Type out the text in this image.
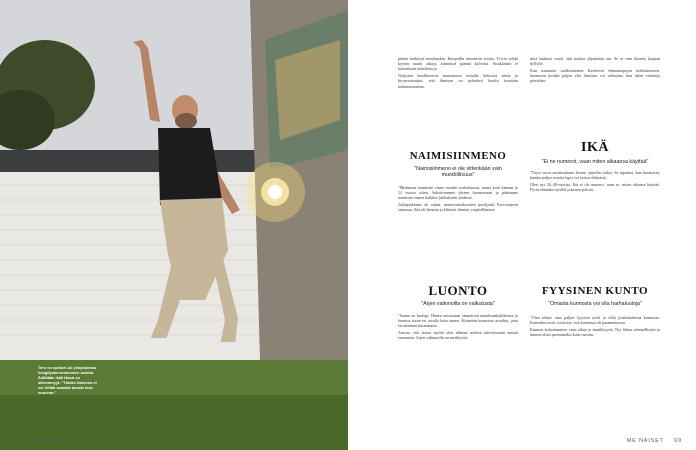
Tero on opiskel-lut yliopistossa hengityskeruutoimeen asioita. Äidiltään ikää tässä on sikiemmyyt: "Tämän ikäisena ei voi riittää samalla tavalla kuin nuorena."

päätin keskittyä muuhunkin. Rimpullin seinemiin vuotta. Yrit-in tehdä kyynin tuunit aikoja, kiinnittyä päänsä kalvosta. Sisäkkäisin ei kuitenkaan uskallettu ja.

Nykyään hindikaverin muistutavat minulle kehoistä niistä ja hyvinvoinnista, että ihmisen on pidettävä huolta itsestään kokonaisuutena.

NAIMISIINMENO
"Naimisiinmeno ei ole sittenkään vain muodollisuus"

"Menimme naimisiin viime vuoden toukokuussa, mutta koin Sannan jo 12 vuotta sitten. Sekoittuimme yhteen luonnostaan ja päätimme naimisiin ennen kaikkea juhliakseen yhdessä.

Juhlapaikkana oli vanha, mutterintuoksuinen paviljonki Porvoonjoen rannassa. Sää oli lämmin ja läheiset ihmiset ympärillämme.

LUONTO
"Arjen valinnoilla on vaikutusta"

"Sanna on biologi. Hänen ansiostaan ymmärrän maailmankaikkeutta ja luontoa aivan eri tavalla kuin ennen. Kiinnitän huomiota asioihin, joita en aiemmin huomannut.

Tuntuu, että lasten myötä olen alkanut miettiä tulevaisuutta entistä enemmän. Arjen valinnoilla on merkitystä.

mitä kaikkea vaatii, että ruokaa ylipäätään saa. Se ei vain ilmesty kaupan hyllylle.

Kun naamioin osallistuimme Kestävien elämäntapojen kehittämiseen, huomasin kuinka paljon yksi ihminen voi vaikuttaa, kun tekee valintoja päivittäin.

IKÄ
"Ei ne numerot, vaan miten aikaansa käyttää"

"Täysi vuosi ensimmäinen kerran ajattelin isäksi. Se tapahtui, kun huomasin, kuinka paljon asioita lapsi voi kertoa elämästä.

Olen nyt 30–40-vuotias. Ikä ei ole numero, vaan se, miten aikansa käyttää. Pyrin elämään täysillä jokaisen päivän.

FYYSINEN KUNTO
"Omasta kunnosta voi olla harhaluuloja"

"Olen tehnyt aina paljon fyysistä työtä ja ollut jonkinlaisessa kunnossa. Kuitenkin testit osoittivat, että kunnossa oli parannettavaa.

Kunnon kohottaminen vaati aikaa ja sinnikkyyttä. Nyt liikun säännöllisesti ja tunnen oloni paremmaksi kuin vuosiin.

68 ME NAISET	ME NAISET 69
